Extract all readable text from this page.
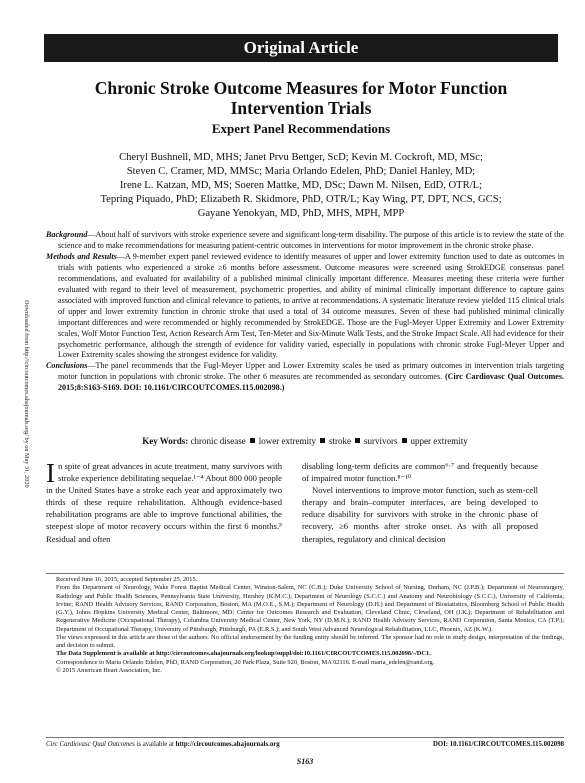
Original Article
Chronic Stroke Outcome Measures for Motor Function
Intervention Trials
Expert Panel Recommendations
Cheryl Bushnell, MD, MHS; Janet Prvu Bettger, ScD; Kevin M. Cockroft, MD, MSc;
Steven C. Cramer, MD, MMSc; Maria Orlando Edelen, PhD; Daniel Hanley, MD;
Irene L. Katzan, MD, MS; Soeren Mattke, MD, DSc; Dawn M. Nilsen, EdD, OTR/L;
Tepring Piquado, PhD; Elizabeth R. Skidmore, PhD, OTR/L; Kay Wing, PT, DPT, NCS, GCS;
Gayane Yenokyan, MD, PhD, MHS, MPH, MPP

Background—About half of survivors with stroke experience severe and significant long-term disability. The purpose of this article is to review the state of the science and to make recommendations for measuring patient-centric outcomes in interventions for motor improvement in the chronic stroke phase.

Methods and Results—A 9-member expert panel reviewed evidence to identify measures of upper and lower extremity function used to date as outcomes in trials with patients who experienced a stroke ≥6 months before assessment. Outcome measures were screened using StrokEDGE consensus panel recommendations, and evaluated for availability of a published minimal clinically important difference. Measures meeting these criteria were further evaluated with regard to their level of measurement, psychometric properties, and ability of minimal clinically important difference to capture gains associated with improved function and clinical relevance to patients, to arrive at recommendations. A systematic literature review yielded 115 clinical trials of upper and lower extremity function in chronic stroke that used a total of 34 outcome measures. Seven of these had published minimal clinically important differences and were recommended or highly recommended by StrokEDGE. Those are the Fugl-Meyer Upper Extremity and Lower Extremity scales, Wolf Motor Function Test, Action Research Arm Test, Ten-Meter and Six-Minute Walk Tests, and the Stroke Impact Scale. All had evidence for their psychometric performance, although the strength of evidence for validity varied, especially in populations with chronic stroke Fugl-Meyer Upper and Lower Extremity scales showing the strongest evidence for validity.

Conclusions—The panel recommends that the Fugl-Meyer Upper and Lower Extremity scales be used as primary outcomes in intervention trials targeting motor function in populations with chronic stroke. The other 6 measures are recommended as secondary outcomes. (Circ Cardiovasc Qual Outcomes. 2015;8:S163-S169. DOI: 10.1161/CIRCOUTCOMES.115.002098.)

Key Words: chronic disease lower extremity stroke survivors upper extremity
Downloaded from http://circoutcomes.ahajournals.org/ by on May 31, 2020 In spite of great advances in acute treatment, many survivors with stroke experience debilitating sequelae.¹⁻⁴ About 800 000 people in the United States have a stroke each year and approximately two thirds of these require rehabilitation. Although evidence-based rehabilitation programs are able to improve functional abilities, the steepest slope of motor recovery occurs within the first 6 months.⁵ Residual and often

disabling long-term deficits are common⁶·⁷ and frequently because of impaired motor function.⁸⁻¹⁰

Novel interventions to improve motor function, such as stem-cell therapy and brain–computer interfaces, are being developed to reduce disability for survivors with stroke in the chronic phase of recovery, ≥6 months after stroke onset. As with all proposed therapies, regulatory and clinical decision

Received June 16, 2015; accepted September 25, 2015.

From the Department of Neurology, Wake Forest Baptist Medical Center, Winston-Salem, NC (C.B.); Duke University School of Nursing, Durham, NC (J.P.B.); Department of Neurosurgery, Radiology and Public Health Sciences, Pennsylvania State University, Hershey (K.M.C.); Department of Neurology (S.C.C.) and Anatomy and Neurobiology (S.C.C.), University of California, Irvine; RAND Health Advisory Services, RAND Corporation, Boston, MA (M.O.E., S.M.); Department of Neurology (D.H.) and Department of Biostatistics, Bloomberg School of Public Health (G.Y.), Johns Hopkins University Medical Center, Baltimore, MD; Center for Outcomes Research and Evaluation, Cleveland Clinic, Cleveland, OH (I.K.); Department of Rehabilitation and Regenerative Medicine (Occupational Therapy), Columbia University Medical Center, New York, NY (D.M.N.); RAND Health Advisory Services, RAND Corporation, Santa Monica, CA (T.P.); Department of Occupational Therapy, University of Pittsburgh, Pittsburgh, PA (E.R.S.); and South West Advanced Neurological Rehabilitation, LLC, Phoenix, AZ (K.W.).

The views expressed in this article are those of the authors. No official endorsement by the funding entity should be inferred. The sponsor had no role in study design, interpretation of the findings, and decision to submit.

The Data Supplement is available at http://circoutcomes.ahajournals.org/lookup/suppl/doi:10.1161/CIRCOUTCOMES.115.002098/-/DC1.

Correspondence to Maria Orlando Edelen, PhD, RAND Corporation, 20 Park Plaza, Suite 920, Boston, MA 02116. E-mail maria_edelen@rand.org.

© 2015 American Heart Association, Inc.

Circ Cardiovasc Qual Outcomes is available at http://circoutcomes.ahajournals.org	DOI: 10.1161/CIRCOUTCOMES.115.002098
S163
